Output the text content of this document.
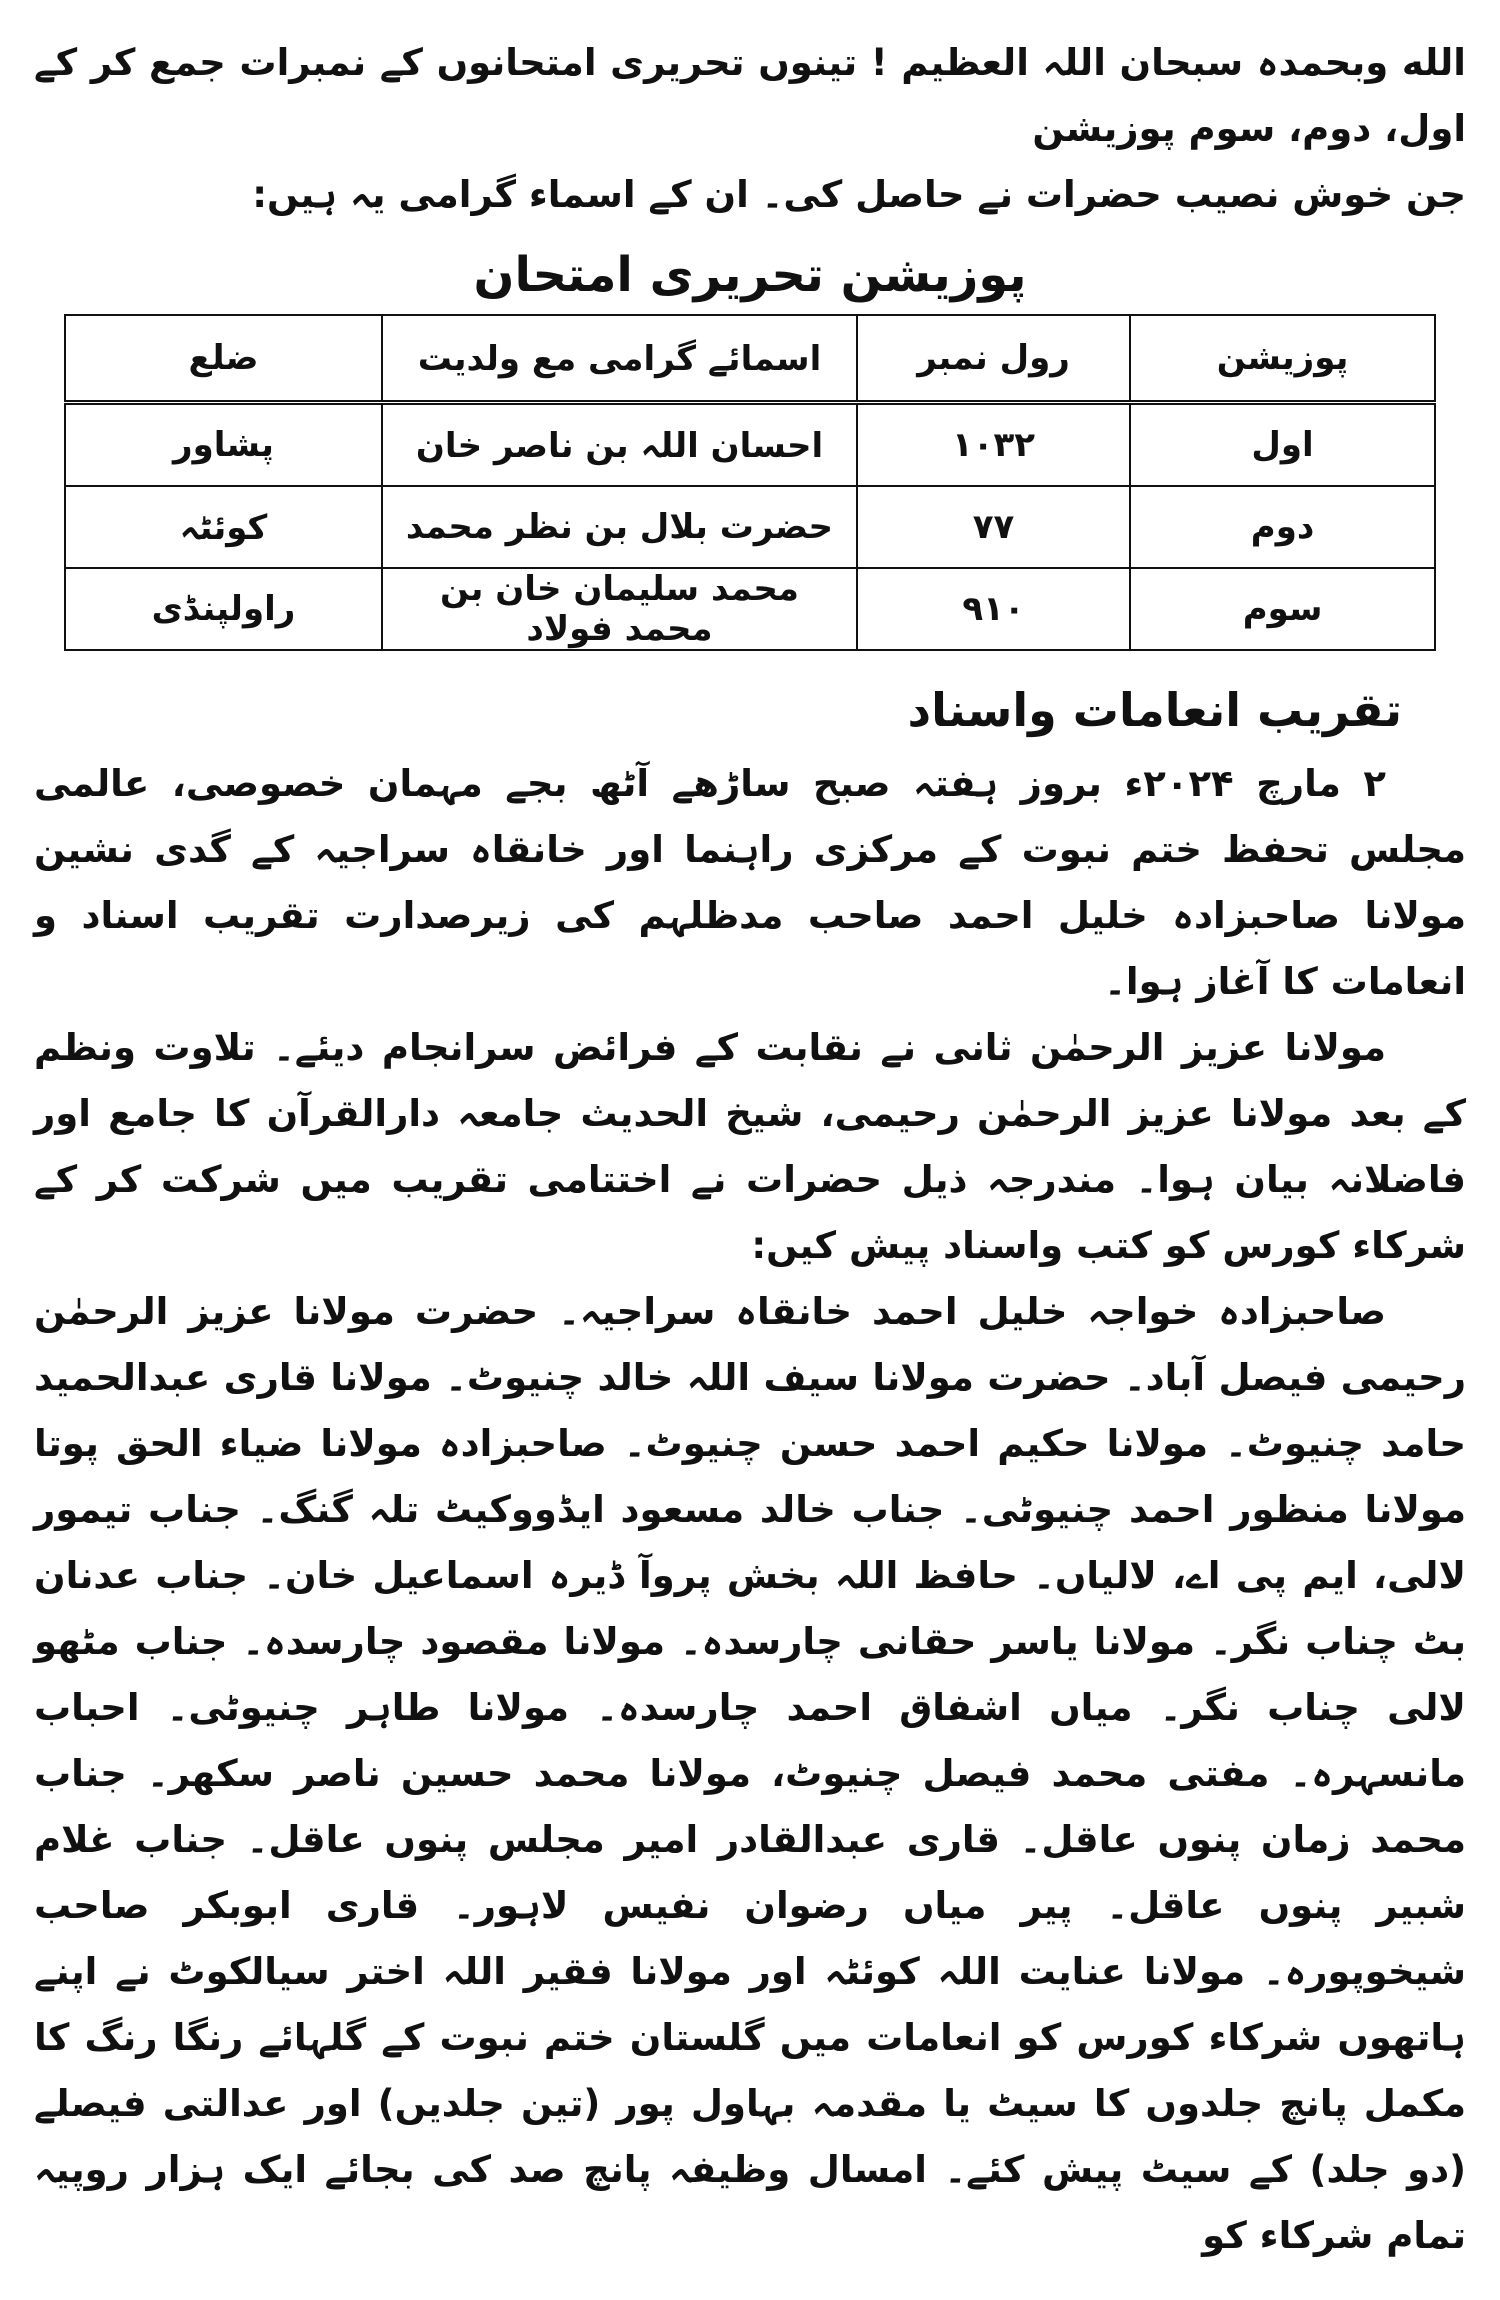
الله وبحمدہ سبحان اللہ العظیم ! تینوں تحریری امتحانوں کے نمبرات جمع کر کے اول، دوم، سوم پوزیشن

جن خوش نصیب حضرات نے حاصل کی۔ ان کے اسماء گرامی یہ ہیں:

پوزیشن تحریری امتحان
پوزیشن	رول نمبر	اسمائے گرامی مع ولدیت	ضلع
اول	۱۰۳۲	احسان اللہ بن ناصر خان	پشاور
دوم	۷۷	حضرت بلال بن نظر محمد	کوئٹہ
سوم	۹۱۰	محمد سلیمان خان بن محمد فولاد	راولپنڈی
تقریب انعامات واسناد

۲ مارچ ۲۰۲۴ء بروز ہفتہ صبح ساڑھے آٹھ بجے مہمان خصوصی، عالمی مجلس تحفظ ختم نبوت کے مرکزی راہنما اور خانقاہ سراجیہ کے گدی نشین مولانا صاحبزادہ خلیل احمد صاحب مدظلہم کی زیرصدارت تقریب اسناد و انعامات کا آغاز ہوا۔

مولانا عزیز الرحمٰن ثانی نے نقابت کے فرائض سرانجام دیئے۔ تلاوت ونظم کے بعد مولانا عزیز الرحمٰن رحیمی، شیخ الحدیث جامعہ دارالقرآن کا جامع اور فاضلانہ بیان ہوا۔ مندرجہ ذیل حضرات نے اختتامی تقریب میں شرکت کر کے شرکاء کورس کو کتب واسناد پیش کیں:

صاحبزادہ خواجہ خلیل احمد خانقاہ سراجیہ۔ حضرت مولانا عزیز الرحمٰن رحیمی فیصل آباد۔ حضرت مولانا سیف اللہ خالد چنیوٹ۔ مولانا قاری عبدالحمید حامد چنیوٹ۔ مولانا حکیم احمد حسن چنیوٹ۔ صاحبزادہ مولانا ضیاء الحق پوتا مولانا منظور احمد چنیوٹی۔ جناب خالد مسعود ایڈووکیٹ تلہ گنگ۔ جناب تیمور لالی، ایم پی اے، لالیاں۔ حافظ اللہ بخش پروآ ڈیرہ اسماعیل خان۔ جناب عدنان بٹ چناب نگر۔ مولانا یاسر حقانی چارسدہ۔ مولانا مقصود چارسدہ۔ جناب مٹھو لالی چناب نگر۔ میاں اشفاق احمد چارسدہ۔ مولانا طاہر چنیوٹی۔ احباب مانسہرہ۔ مفتی محمد فیصل چنیوٹ، مولانا محمد حسین ناصر سکھر۔ جناب محمد زمان پنوں عاقل۔ قاری عبدالقادر امیر مجلس پنوں عاقل۔ جناب غلام شبیر پنوں عاقل۔ پیر میاں رضوان نفیس لاہور۔ قاری ابوبکر صاحب شیخوپورہ۔ مولانا عنایت اللہ کوئٹہ اور مولانا فقیر اللہ اختر سیالکوٹ نے اپنے ہاتھوں شرکاء کورس کو انعامات میں گلستان ختم نبوت کے گلہائے رنگا رنگ کا مکمل پانچ جلدوں کا سیٹ یا مقدمہ بہاول پور (تین جلدیں) اور عدالتی فیصلے (دو جلد) کے سیٹ پیش کئے۔ امسال وظیفہ پانچ صد کی بجائے ایک ہزار روپیہ تمام شرکاء کو
